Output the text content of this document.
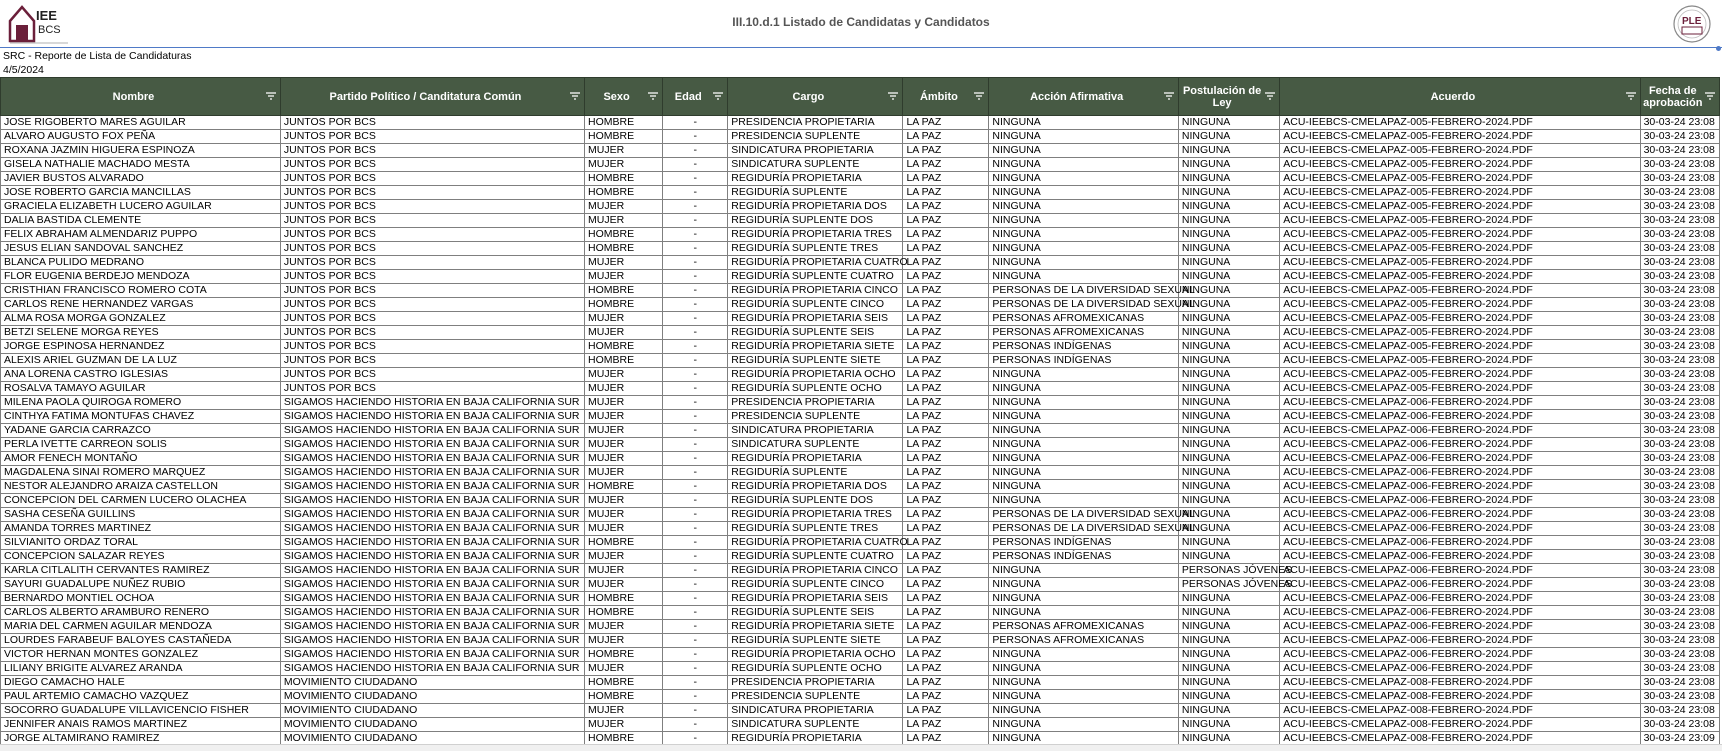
IEE
BCS
III.10.d.1 Listado de Candidatas y Candidatos	PLE
SRC - Reporte de Lista de Candidaturas
4/5/2024
Nombre	Partido Político / Canditatura Común	Sexo	Edad	Cargo	Ámbito	Acción Afirmativa	Postulación de Ley	Acuerdo	Fecha de aprobación

JOSE RIGOBERTO MARES AGUILAR	JUNTOS POR BCS	HOMBRE	-	PRESIDENCIA PROPIETARIA	LA PAZ	NINGUNA	NINGUNA	ACU-IEEBCS-CMELAPAZ-005-FEBRERO-2024.PDF	30-03-24 23:08
ALVARO AUGUSTO FOX PEÑA	JUNTOS POR BCS	HOMBRE	-	PRESIDENCIA SUPLENTE	LA PAZ	NINGUNA	NINGUNA	ACU-IEEBCS-CMELAPAZ-005-FEBRERO-2024.PDF	30-03-24 23:08
ROXANA JAZMIN HIGUERA ESPINOZA	JUNTOS POR BCS	MUJER	-	SINDICATURA PROPIETARIA	LA PAZ	NINGUNA	NINGUNA	ACU-IEEBCS-CMELAPAZ-005-FEBRERO-2024.PDF	30-03-24 23:08
GISELA NATHALIE MACHADO MESTA	JUNTOS POR BCS	MUJER	-	SINDICATURA SUPLENTE	LA PAZ	NINGUNA	NINGUNA	ACU-IEEBCS-CMELAPAZ-005-FEBRERO-2024.PDF	30-03-24 23:08
JAVIER BUSTOS ALVARADO	JUNTOS POR BCS	HOMBRE	-	REGIDURÍA PROPIETARIA	LA PAZ	NINGUNA	NINGUNA	ACU-IEEBCS-CMELAPAZ-005-FEBRERO-2024.PDF	30-03-24 23:08
JOSE ROBERTO GARCIA MANCILLAS	JUNTOS POR BCS	HOMBRE	-	REGIDURÍA SUPLENTE	LA PAZ	NINGUNA	NINGUNA	ACU-IEEBCS-CMELAPAZ-005-FEBRERO-2024.PDF	30-03-24 23:08
GRACIELA ELIZABETH LUCERO AGUILAR	JUNTOS POR BCS	MUJER	-	REGIDURÍA PROPIETARIA DOS	LA PAZ	NINGUNA	NINGUNA	ACU-IEEBCS-CMELAPAZ-005-FEBRERO-2024.PDF	30-03-24 23:08
DALIA BASTIDA CLEMENTE	JUNTOS POR BCS	MUJER	-	REGIDURÍA SUPLENTE DOS	LA PAZ	NINGUNA	NINGUNA	ACU-IEEBCS-CMELAPAZ-005-FEBRERO-2024.PDF	30-03-24 23:08
FELIX ABRAHAM ALMENDARIZ PUPPO	JUNTOS POR BCS	HOMBRE	-	REGIDURÍA PROPIETARIA TRES	LA PAZ	NINGUNA	NINGUNA	ACU-IEEBCS-CMELAPAZ-005-FEBRERO-2024.PDF	30-03-24 23:08
JESUS ELIAN SANDOVAL SANCHEZ	JUNTOS POR BCS	HOMBRE	-	REGIDURÍA SUPLENTE TRES	LA PAZ	NINGUNA	NINGUNA	ACU-IEEBCS-CMELAPAZ-005-FEBRERO-2024.PDF	30-03-24 23:08
BLANCA PULIDO MEDRANO	JUNTOS POR BCS	MUJER	-	REGIDURÍA PROPIETARIA CUATRO	LA PAZ	NINGUNA	NINGUNA	ACU-IEEBCS-CMELAPAZ-005-FEBRERO-2024.PDF	30-03-24 23:08
FLOR EUGENIA BERDEJO MENDOZA	JUNTOS POR BCS	MUJER	-	REGIDURÍA SUPLENTE CUATRO	LA PAZ	NINGUNA	NINGUNA	ACU-IEEBCS-CMELAPAZ-005-FEBRERO-2024.PDF	30-03-24 23:08
CRISTHIAN FRANCISCO ROMERO COTA	JUNTOS POR BCS	HOMBRE	-	REGIDURÍA PROPIETARIA CINCO	LA PAZ	PERSONAS DE LA DIVERSIDAD SEXUAL	NINGUNA	ACU-IEEBCS-CMELAPAZ-005-FEBRERO-2024.PDF	30-03-24 23:08
CARLOS RENE HERNANDEZ VARGAS	JUNTOS POR BCS	HOMBRE	-	REGIDURÍA SUPLENTE CINCO	LA PAZ	PERSONAS DE LA DIVERSIDAD SEXUAL	NINGUNA	ACU-IEEBCS-CMELAPAZ-005-FEBRERO-2024.PDF	30-03-24 23:08
ALMA ROSA MORGA GONZALEZ	JUNTOS POR BCS	MUJER	-	REGIDURÍA PROPIETARIA SEIS	LA PAZ	PERSONAS AFROMEXICANAS	NINGUNA	ACU-IEEBCS-CMELAPAZ-005-FEBRERO-2024.PDF	30-03-24 23:08
BETZI SELENE MORGA REYES	JUNTOS POR BCS	MUJER	-	REGIDURÍA SUPLENTE SEIS	LA PAZ	PERSONAS AFROMEXICANAS	NINGUNA	ACU-IEEBCS-CMELAPAZ-005-FEBRERO-2024.PDF	30-03-24 23:08
JORGE ESPINOSA HERNANDEZ	JUNTOS POR BCS	HOMBRE	-	REGIDURÍA PROPIETARIA SIETE	LA PAZ	PERSONAS INDÍGENAS	NINGUNA	ACU-IEEBCS-CMELAPAZ-005-FEBRERO-2024.PDF	30-03-24 23:08
ALEXIS ARIEL GUZMAN DE LA LUZ	JUNTOS POR BCS	HOMBRE	-	REGIDURÍA SUPLENTE SIETE	LA PAZ	PERSONAS INDÍGENAS	NINGUNA	ACU-IEEBCS-CMELAPAZ-005-FEBRERO-2024.PDF	30-03-24 23:08
ANA LORENA CASTRO IGLESIAS	JUNTOS POR BCS	MUJER	-	REGIDURÍA PROPIETARIA OCHO	LA PAZ	NINGUNA	NINGUNA	ACU-IEEBCS-CMELAPAZ-005-FEBRERO-2024.PDF	30-03-24 23:08
ROSALVA TAMAYO AGUILAR	JUNTOS POR BCS	MUJER	-	REGIDURÍA SUPLENTE OCHO	LA PAZ	NINGUNA	NINGUNA	ACU-IEEBCS-CMELAPAZ-005-FEBRERO-2024.PDF	30-03-24 23:08
MILENA PAOLA QUIROGA ROMERO	SIGAMOS HACIENDO HISTORIA EN BAJA CALIFORNIA SUR	MUJER	-	PRESIDENCIA PROPIETARIA	LA PAZ	NINGUNA	NINGUNA	ACU-IEEBCS-CMELAPAZ-006-FEBRERO-2024.PDF	30-03-24 23:08
CINTHYA FATIMA MONTUFAS CHAVEZ	SIGAMOS HACIENDO HISTORIA EN BAJA CALIFORNIA SUR	MUJER	-	PRESIDENCIA SUPLENTE	LA PAZ	NINGUNA	NINGUNA	ACU-IEEBCS-CMELAPAZ-006-FEBRERO-2024.PDF	30-03-24 23:08
YADANE GARCIA CARRAZCO	SIGAMOS HACIENDO HISTORIA EN BAJA CALIFORNIA SUR	MUJER	-	SINDICATURA PROPIETARIA	LA PAZ	NINGUNA	NINGUNA	ACU-IEEBCS-CMELAPAZ-006-FEBRERO-2024.PDF	30-03-24 23:08
PERLA IVETTE CARREON SOLIS	SIGAMOS HACIENDO HISTORIA EN BAJA CALIFORNIA SUR	MUJER	-	SINDICATURA SUPLENTE	LA PAZ	NINGUNA	NINGUNA	ACU-IEEBCS-CMELAPAZ-006-FEBRERO-2024.PDF	30-03-24 23:08
AMOR FENECH MONTAÑO	SIGAMOS HACIENDO HISTORIA EN BAJA CALIFORNIA SUR	MUJER	-	REGIDURÍA PROPIETARIA	LA PAZ	NINGUNA	NINGUNA	ACU-IEEBCS-CMELAPAZ-006-FEBRERO-2024.PDF	30-03-24 23:08
MAGDALENA SINAI ROMERO MARQUEZ	SIGAMOS HACIENDO HISTORIA EN BAJA CALIFORNIA SUR	MUJER	-	REGIDURÍA SUPLENTE	LA PAZ	NINGUNA	NINGUNA	ACU-IEEBCS-CMELAPAZ-006-FEBRERO-2024.PDF	30-03-24 23:08
NESTOR ALEJANDRO ARAIZA CASTELLON	SIGAMOS HACIENDO HISTORIA EN BAJA CALIFORNIA SUR	HOMBRE	-	REGIDURÍA PROPIETARIA DOS	LA PAZ	NINGUNA	NINGUNA	ACU-IEEBCS-CMELAPAZ-006-FEBRERO-2024.PDF	30-03-24 23:08
CONCEPCION DEL CARMEN LUCERO OLACHEA	SIGAMOS HACIENDO HISTORIA EN BAJA CALIFORNIA SUR	MUJER	-	REGIDURÍA SUPLENTE DOS	LA PAZ	NINGUNA	NINGUNA	ACU-IEEBCS-CMELAPAZ-006-FEBRERO-2024.PDF	30-03-24 23:08
SASHA CESEÑA GUILLINS	SIGAMOS HACIENDO HISTORIA EN BAJA CALIFORNIA SUR	MUJER	-	REGIDURÍA PROPIETARIA TRES	LA PAZ	PERSONAS DE LA DIVERSIDAD SEXUAL	NINGUNA	ACU-IEEBCS-CMELAPAZ-006-FEBRERO-2024.PDF	30-03-24 23:08
AMANDA TORRES MARTINEZ	SIGAMOS HACIENDO HISTORIA EN BAJA CALIFORNIA SUR	MUJER	-	REGIDURÍA SUPLENTE TRES	LA PAZ	PERSONAS DE LA DIVERSIDAD SEXUAL	NINGUNA	ACU-IEEBCS-CMELAPAZ-006-FEBRERO-2024.PDF	30-03-24 23:08
SILVIANITO ORDAZ TORAL	SIGAMOS HACIENDO HISTORIA EN BAJA CALIFORNIA SUR	HOMBRE	-	REGIDURÍA PROPIETARIA CUATRO	LA PAZ	PERSONAS INDÍGENAS	NINGUNA	ACU-IEEBCS-CMELAPAZ-006-FEBRERO-2024.PDF	30-03-24 23:08
CONCEPCION SALAZAR REYES	SIGAMOS HACIENDO HISTORIA EN BAJA CALIFORNIA SUR	MUJER	-	REGIDURÍA SUPLENTE CUATRO	LA PAZ	PERSONAS INDÍGENAS	NINGUNA	ACU-IEEBCS-CMELAPAZ-006-FEBRERO-2024.PDF	30-03-24 23:08
KARLA CITLALITH CERVANTES RAMIREZ	SIGAMOS HACIENDO HISTORIA EN BAJA CALIFORNIA SUR	MUJER	-	REGIDURÍA PROPIETARIA CINCO	LA PAZ	NINGUNA	PERSONAS JÓVENES	ACU-IEEBCS-CMELAPAZ-006-FEBRERO-2024.PDF	30-03-24 23:08
SAYURI GUADALUPE NUÑEZ RUBIO	SIGAMOS HACIENDO HISTORIA EN BAJA CALIFORNIA SUR	MUJER	-	REGIDURÍA SUPLENTE CINCO	LA PAZ	NINGUNA	PERSONAS JÓVENES	ACU-IEEBCS-CMELAPAZ-006-FEBRERO-2024.PDF	30-03-24 23:08
BERNARDO MONTIEL OCHOA	SIGAMOS HACIENDO HISTORIA EN BAJA CALIFORNIA SUR	HOMBRE	-	REGIDURÍA PROPIETARIA SEIS	LA PAZ	NINGUNA	NINGUNA	ACU-IEEBCS-CMELAPAZ-006-FEBRERO-2024.PDF	30-03-24 23:08
CARLOS ALBERTO ARAMBURO RENERO	SIGAMOS HACIENDO HISTORIA EN BAJA CALIFORNIA SUR	HOMBRE	-	REGIDURÍA SUPLENTE SEIS	LA PAZ	NINGUNA	NINGUNA	ACU-IEEBCS-CMELAPAZ-006-FEBRERO-2024.PDF	30-03-24 23:08
MARIA DEL CARMEN AGUILAR MENDOZA	SIGAMOS HACIENDO HISTORIA EN BAJA CALIFORNIA SUR	MUJER	-	REGIDURÍA PROPIETARIA SIETE	LA PAZ	PERSONAS AFROMEXICANAS	NINGUNA	ACU-IEEBCS-CMELAPAZ-006-FEBRERO-2024.PDF	30-03-24 23:08
LOURDES FARABEUF BALOYES CASTAÑEDA	SIGAMOS HACIENDO HISTORIA EN BAJA CALIFORNIA SUR	MUJER	-	REGIDURÍA SUPLENTE SIETE	LA PAZ	PERSONAS AFROMEXICANAS	NINGUNA	ACU-IEEBCS-CMELAPAZ-006-FEBRERO-2024.PDF	30-03-24 23:08
VICTOR HERNAN MONTES GONZALEZ	SIGAMOS HACIENDO HISTORIA EN BAJA CALIFORNIA SUR	HOMBRE	-	REGIDURÍA PROPIETARIA OCHO	LA PAZ	NINGUNA	NINGUNA	ACU-IEEBCS-CMELAPAZ-006-FEBRERO-2024.PDF	30-03-24 23:08
LILIANY BRIGITE ALVAREZ ARANDA	SIGAMOS HACIENDO HISTORIA EN BAJA CALIFORNIA SUR	MUJER	-	REGIDURÍA SUPLENTE OCHO	LA PAZ	NINGUNA	NINGUNA	ACU-IEEBCS-CMELAPAZ-006-FEBRERO-2024.PDF	30-03-24 23:08
DIEGO CAMACHO HALE	MOVIMIENTO CIUDADANO	HOMBRE	-	PRESIDENCIA PROPIETARIA	LA PAZ	NINGUNA	NINGUNA	ACU-IEEBCS-CMELAPAZ-008-FEBRERO-2024.PDF	30-03-24 23:08
PAUL ARTEMIO CAMACHO VAZQUEZ	MOVIMIENTO CIUDADANO	HOMBRE	-	PRESIDENCIA SUPLENTE	LA PAZ	NINGUNA	NINGUNA	ACU-IEEBCS-CMELAPAZ-008-FEBRERO-2024.PDF	30-03-24 23:08
SOCORRO GUADALUPE VILLAVICENCIO FISHER	MOVIMIENTO CIUDADANO	MUJER	-	SINDICATURA PROPIETARIA	LA PAZ	NINGUNA	NINGUNA	ACU-IEEBCS-CMELAPAZ-008-FEBRERO-2024.PDF	30-03-24 23:08
JENNIFER ANAIS RAMOS MARTINEZ	MOVIMIENTO CIUDADANO	MUJER	-	SINDICATURA SUPLENTE	LA PAZ	NINGUNA	NINGUNA	ACU-IEEBCS-CMELAPAZ-008-FEBRERO-2024.PDF	30-03-24 23:08
JORGE ALTAMIRANO RAMIREZ	MOVIMIENTO CIUDADANO	HOMBRE	-	REGIDURÍA PROPIETARIA	LA PAZ	NINGUNA	NINGUNA	ACU-IEEBCS-CMELAPAZ-008-FEBRERO-2024.PDF	30-03-24 23:09
